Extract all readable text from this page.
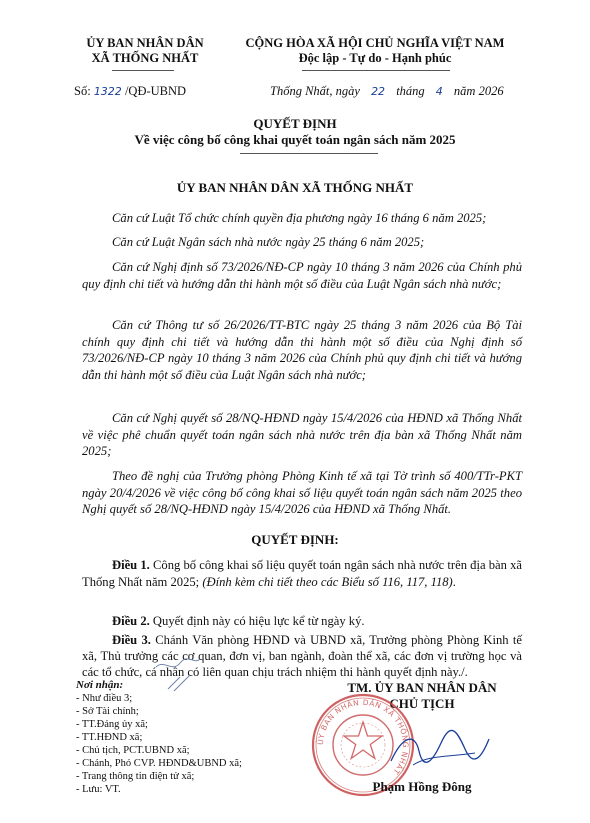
ỦY BAN NHÂN DÂN
XÃ THỐNG NHẤT
CỘNG HÒA XÃ HỘI CHỦ NGHĨA VIỆT NAM
Độc lập - Tự do - Hạnh phúc
Số: 1322 /QĐ-UBND	Thống Nhất, ngày 22 tháng 4 năm 2026
QUYẾT ĐỊNH
Về việc công bố công khai quyết toán ngân sách năm 2025
ỦY BAN NHÂN DÂN XÃ THỐNG NHẤT
Căn cứ Luật Tổ chức chính quyền địa phương ngày 16 tháng 6 năm 2025;
Căn cứ Luật Ngân sách nhà nước ngày 25 tháng 6 năm 2025;
Căn cứ Nghị định số 73/2026/NĐ-CP ngày 10 tháng 3 năm 2026 của Chính phủ quy định chi tiết và hướng dẫn thi hành một số điều của Luật Ngân sách nhà nước;
Căn cứ Thông tư số 26/2026/TT-BTC ngày 25 tháng 3 năm 2026 của Bộ Tài chính quy định chi tiết và hướng dẫn thi hành một số điều của Nghị định số 73/2026/NĐ-CP ngày 10 tháng 3 năm 2026 của Chính phủ quy định chi tiết và hướng dẫn thi hành một số điều của Luật Ngân sách nhà nước;
Căn cứ Nghị quyết số 28/NQ-HĐND ngày 15/4/2026 của HĐND xã Thống Nhất về việc phê chuẩn quyết toán ngân sách nhà nước trên địa bàn xã Thống Nhất năm 2025;
Theo đề nghị của Trưởng phòng Phòng Kinh tế xã tại Tờ trình số 400/TTr-PKT ngày 20/4/2026 về việc công bố công khai số liệu quyết toán ngân sách năm 2025 theo Nghị quyết số 28/NQ-HĐND ngày 15/4/2026 của HĐND xã Thống Nhất.
QUYẾT ĐỊNH:
Điều 1. Công bố công khai số liệu quyết toán ngân sách nhà nước trên địa bàn xã Thống Nhất năm 2025; (Đính kèm chi tiết theo các Biểu số 116, 117, 118).
Điều 2. Quyết định này có hiệu lực kể từ ngày ký.
Điều 3. Chánh Văn phòng HĐND và UBND xã, Trưởng phòng Phòng Kinh tế xã, Thủ trưởng các cơ quan, đơn vị, ban ngành, đoàn thể xã, các đơn vị trường học và các tổ chức, cá nhân có liên quan chịu trách nhiệm thi hành quyết định này./.
Nơi nhận:
- Như điều 3;
- Sở Tài chính;
- TT.Đảng ủy xã;
- TT.HĐND xã;
- Chủ tịch, PCT.UBND xã;
- Chánh, Phó CVP. HĐND&UBND xã;
- Trang thông tin điện tử xã;
- Lưu: VT.
TM. ỦY BAN NHÂN DÂN
CHỦ TỊCH
ỦY BAN NHÂN DÂN XÃ THỐNG NHẤT
Phạm Hồng Đông
